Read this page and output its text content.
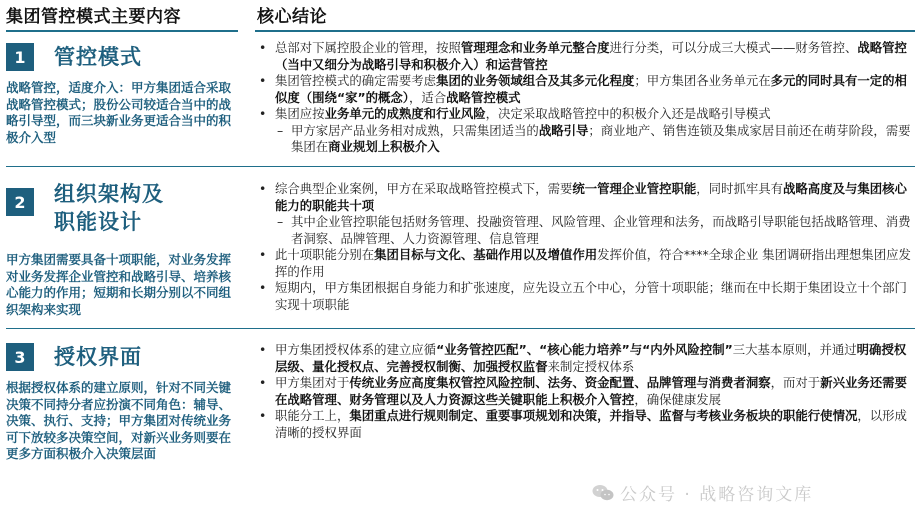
集团管控模式主要内容	核心结论
1	管控模式
战略管控，适度介入：甲方集团适合采取战略管控模式；股份公司较适合当中的战略引导型，而三块新业务更适合当中的积极介入型
• 总部对下属控股企业的管理，按照管理理念和业务单元整合度进行分类，可以分成三大模式——财务管控、战略管控（当中又细分为战略引导和积极介入）和运营管控
• 集团管控模式的确定需要考虑集团的业务领域组合及其多元化程度；甲方集团各业务单元在多元的同时具有一定的相似度（围绕“家”的概念），适合战略管控模式
• 集团应按业务单元的成熟度和行业风险，决定采取战略管控中的积极介入还是战略引导模式
– 甲方家居产品业务相对成熟，只需集团适当的战略引导；商业地产、销售连锁及集成家居目前还在萌芽阶段，需要集团在商业规划上积极介入
2	组织架构及
职能设计
甲方集团需要具备十项职能，对业务发挥对业务发挥企业管控和战略引导、培养核心能力的作用；短期和长期分别以不同组织架构来实现
• 综合典型企业案例，甲方在采取战略管控模式下，需要统一管理企业管控职能，同时抓牢具有战略高度及与集团核心能力的职能共十项
– 其中企业管控职能包括财务管理、投融资管理、风险管理、企业管理和法务，而战略引导职能包括战略管理、消费者洞察、品牌管理、人力资源管理、信息管理
• 此十项职能分别在集团目标与文化、基础作用以及增值作用发挥价值，符合****全球企业 集团调研指出理想集团应发挥的作用
• 短期内，甲方集团根据自身能力和扩张速度，应先设立五个中心，分管十项职能；继而在中长期于集团设立十个部门实现十项职能
3	授权界面
根据授权体系的建立原则，针对不同关键决策不同持分者应扮演不同角色：辅导、决策、执行、支持；甲方集团对传统业务可下放较多决策空间，对新兴业务则要在更多方面积极介入决策层面
• 甲方集团授权体系的建立应循“业务管控匹配”、“核心能力培养”与“内外风险控制”三大基本原则，并通过明确授权层级、量化授权点、完善授权制衡、加强授权监督来制定授权体系
• 甲方集团对于传统业务应高度集权管控风险控制、法务、资金配置、品牌管理与消费者洞察，而对于新兴业务还需要在战略管理、财务管理以及人力资源这些关键职能上积极介入管控，确保健康发展
• 职能分工上，集团重点进行规则制定、重要事项规划和决策，并指导、监督与考核业务板块的职能行使情况，以形成清晰的授权界面
公众号 · 战略咨询文库
